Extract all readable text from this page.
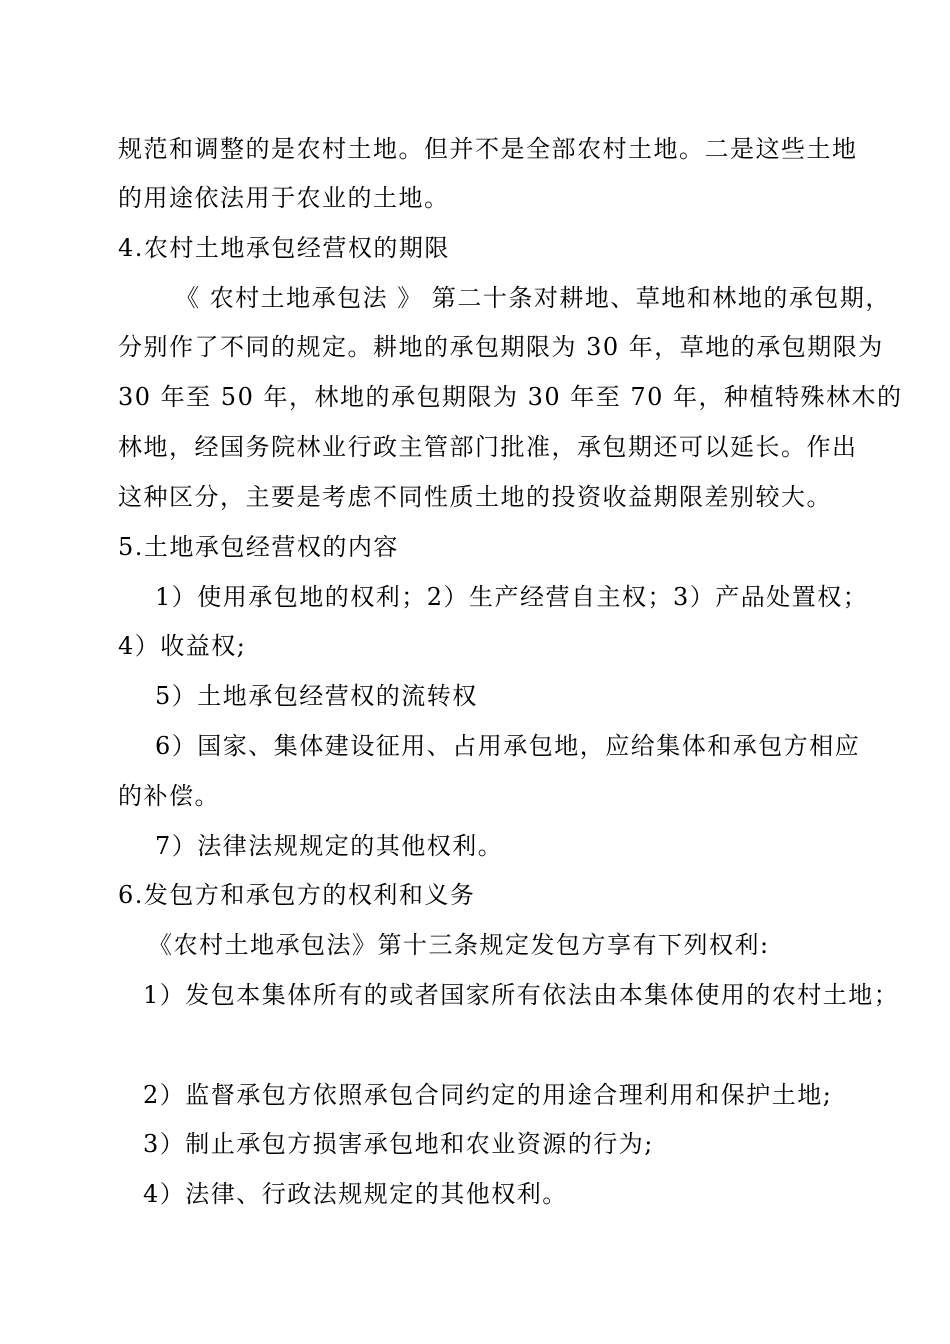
规范和调整的是农村土地。但并不是全部农村土地。二是这些土地
的用途依法用于农业的土地。
4.农村土地承包经营权的期限
《 农村土地承包法 》 第二十条对耕地、草地和林地的承包期，
分别作了不同的规定。耕地的承包期限为 30 年，草地的承包期限为
30 年至 50 年，林地的承包期限为 30 年至 70 年，种植特殊林木的
林地，经国务院林业行政主管部门批准，承包期还可以延长。作出
这种区分，主要是考虑不同性质土地的投资收益期限差别较大。
5.土地承包经营权的内容
1）使用承包地的权利；2）生产经营自主权；3）产品处置权；
4）收益权;
5）土地承包经营权的流转权
6）国家、集体建设征用、占用承包地，应给集体和承包方相应
的补偿。
7）法律法规规定的其他权利。
6.发包方和承包方的权利和义务
《农村土地承包法》第十三条规定发包方享有下列权利:
1）发包本集体所有的或者国家所有依法由本集体使用的农村土地；
2）监督承包方依照承包合同约定的用途合理利用和保护土地;
3）制止承包方损害承包地和农业资源的行为;
4）法律、行政法规规定的其他权利。
